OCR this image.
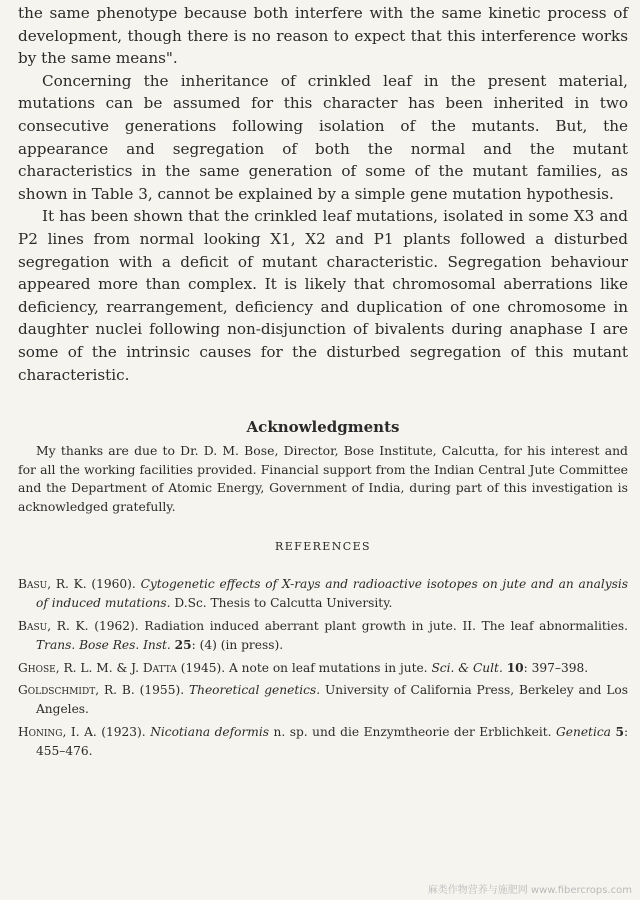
the same phenotype because both interfere with the same kinetic process of development, though there is no reason to expect that this interference works by the same means".

Concerning the inheritance of crinkled leaf in the present material, mutations can be assumed for this character has been inherited in two consecutive generations following isolation of the mutants. But, the appearance and segregation of both the normal and the mutant characteristics in the same generation of some of the mutant families, as shown in Table 3, cannot be explained by a simple gene mutation hypothesis.

It has been shown that the crinkled leaf mutations, isolated in some X3 and P2 lines from normal looking X1, X2 and P1 plants followed a disturbed segregation with a deficit of mutant characteristic. Segregation behaviour appeared more than complex. It is likely that chromosomal aberrations like deficiency, rearrangement, deficiency and duplication of one chromosome in daughter nuclei following non-disjunction of bivalents during anaphase I are some of the intrinsic causes for the disturbed segregation of this mutant characteristic.

Acknowledgments

My thanks are due to Dr. D. M. Bose, Director, Bose Institute, Calcutta, for his interest and for all the working facilities provided. Financial support from the Indian Central Jute Committee and the Department of Atomic Energy, Government of India, during part of this investigation is acknowledged gratefully.

REFERENCES

Basu, R. K. (1960). Cytogenetic effects of X-rays and radioactive isotopes on jute and an analysis of induced mutations. D.Sc. Thesis to Calcutta University.

Basu, R. K. (1962). Radiation induced aberrant plant growth in jute. II. The leaf abnormalities. Trans. Bose Res. Inst. 25: (4) (in press).

Ghose, R. L. M. & J. Datta (1945). A note on leaf mutations in jute. Sci. & Cult. 10: 397–398.

Goldschmidt, R. B. (1955). Theoretical genetics. University of California Press, Berkeley and Los Angeles.

Honing, I. A. (1923). Nicotiana deformis n. sp. und die Enzymtheorie der Erblichkeit. Genetica 5: 455–476.

麻类作物营养与施肥网 www.fibercrops.com
